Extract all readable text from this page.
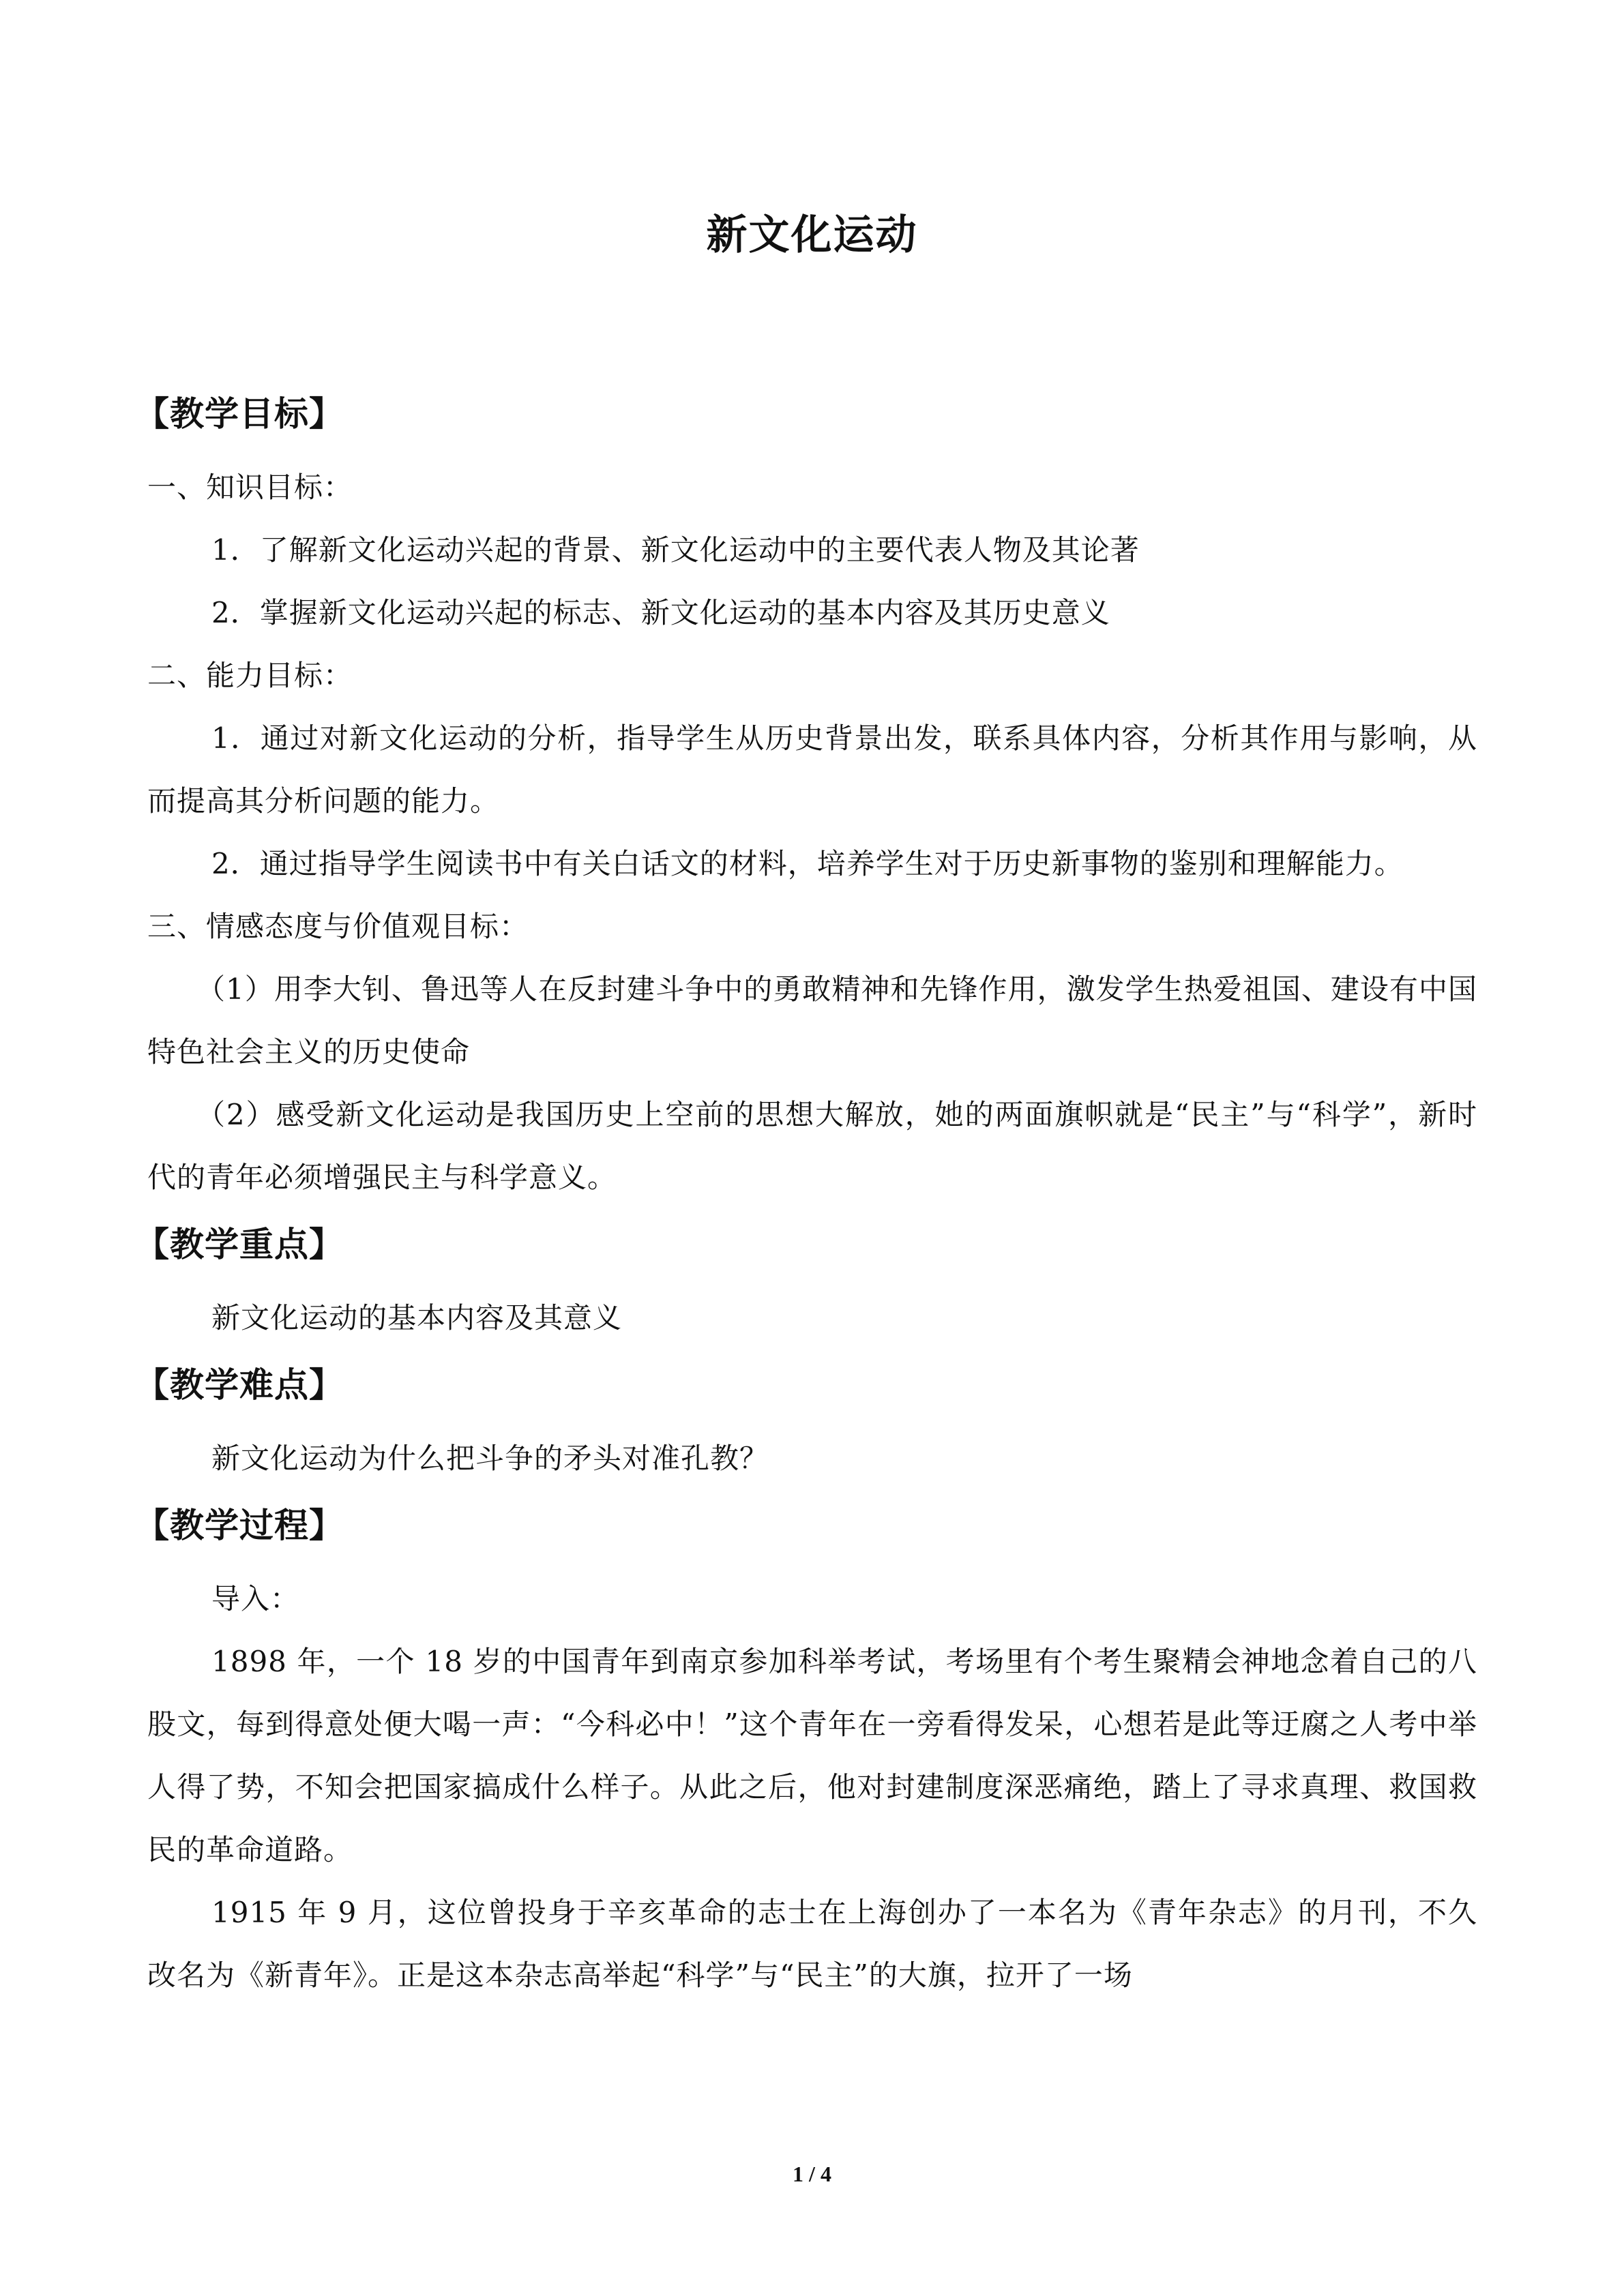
新文化运动
【教学目标】

一、知识目标：

1．了解新文化运动兴起的背景、新文化运动中的主要代表人物及其论著

2．掌握新文化运动兴起的标志、新文化运动的基本内容及其历史意义

二、能力目标：

1．通过对新文化运动的分析，指导学生从历史背景出发，联系具体内容，分析其作用与影响，从而提高其分析问题的能力。

2．通过指导学生阅读书中有关白话文的材料，培养学生对于历史新事物的鉴别和理解能力。

三、情感态度与价值观目标：

（1）用李大钊、鲁迅等人在反封建斗争中的勇敢精神和先锋作用，激发学生热爱祖国、建设有中国特色社会主义的历史使命

（2）感受新文化运动是我国历史上空前的思想大解放，她的两面旗帜就是“民主”与“科学”，新时代的青年必须增强民主与科学意义。

【教学重点】

新文化运动的基本内容及其意义

【教学难点】

新文化运动为什么把斗争的矛头对准孔教？

【教学过程】

导入：

1898 年，一个 18 岁的中国青年到南京参加科举考试，考场里有个考生聚精会神地念着自己的八股文，每到得意处便大喝一声：“今科必中！”这个青年在一旁看得发呆，心想若是此等迂腐之人考中举人得了势，不知会把国家搞成什么样子。从此之后，他对封建制度深恶痛绝，踏上了寻求真理、救国救民的革命道路。

1915 年 9 月，这位曾投身于辛亥革命的志士在上海创办了一本名为《青年杂志》的月刊，不久改名为《新青年》。正是这本杂志高举起“科学”与“民主”的大旗，拉开了一场

1 / 4
